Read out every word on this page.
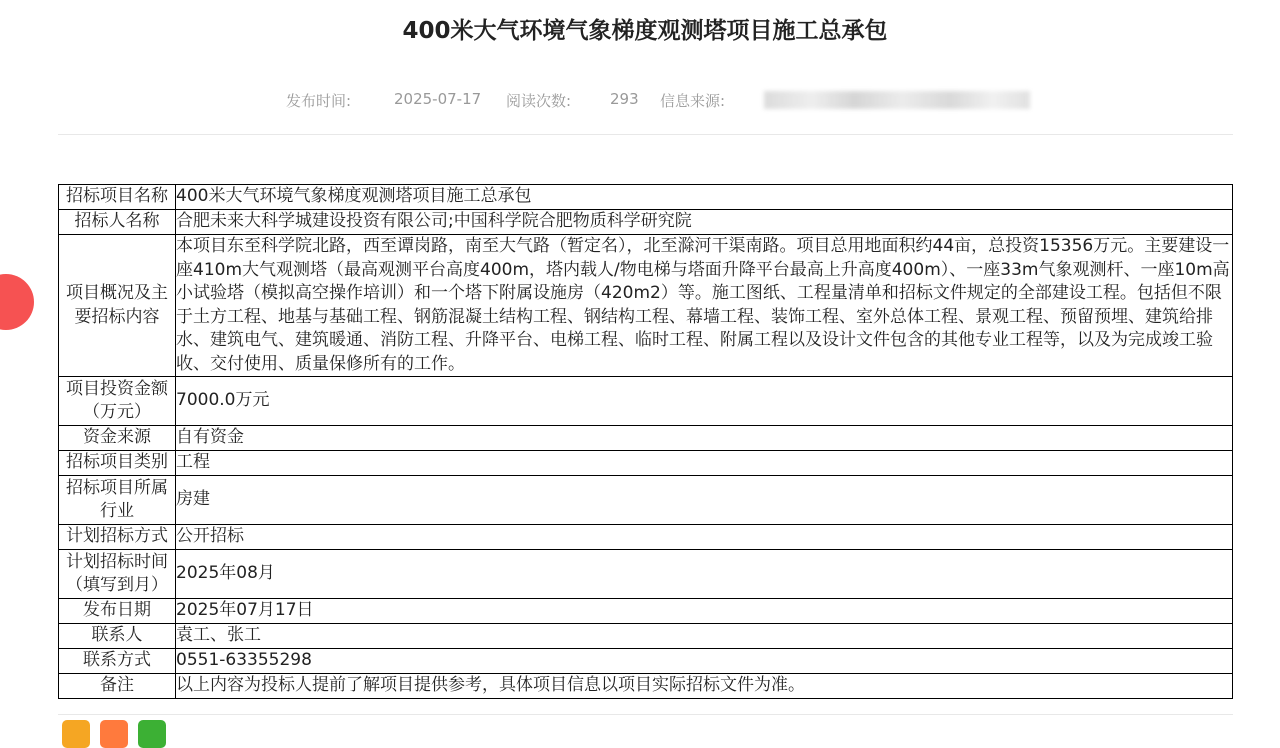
400米大气环境气象梯度观测塔项目施工总承包
发布时间:	2025-07-17 阅读次数:	293 信息来源:
招标项目名称	400米大气环境气象梯度观测塔项目施工总承包
招标人名称	合肥未来大科学城建设投资有限公司;中国科学院合肥物质科学研究院
项目概况及主要招标内容	本项目东至科学院北路，西至谭岗路，南至大气路（暂定名），北至滁河干渠南路。项目总用地面积约44亩，总投资15356万元。主要建设一座410m大气观测塔（最高观测平台高度400m，塔内载人/物电梯与塔面升降平台最高上升高度400m）、一座33m气象观测杆、一座10m高小试验塔（模拟高空操作培训）和一个塔下附属设施房（420m2）等。施工图纸、工程量清单和招标文件规定的全部建设工程。包括但不限于土方工程、地基与基础工程、钢筋混凝土结构工程、钢结构工程、幕墙工程、装饰工程、室外总体工程、景观工程、预留预埋、建筑给排水、建筑电气、建筑暖通、消防工程、升降平台、电梯工程、临时工程、附属工程以及设计文件包含的其他专业工程等，以及为完成竣工验收、交付使用、质量保修所有的工作。
项目投资金额（万元）	7000.0万元
资金来源	自有资金
招标项目类别	工程
招标项目所属行业	房建
计划招标方式	公开招标
计划招标时间（填写到月）	2025年08月
发布日期	2025年07月17日
联系人	袁工、张工
联系方式	0551-63355298
备注	以上内容为投标人提前了解项目提供参考，具体项目信息以项目实际招标文件为准。
